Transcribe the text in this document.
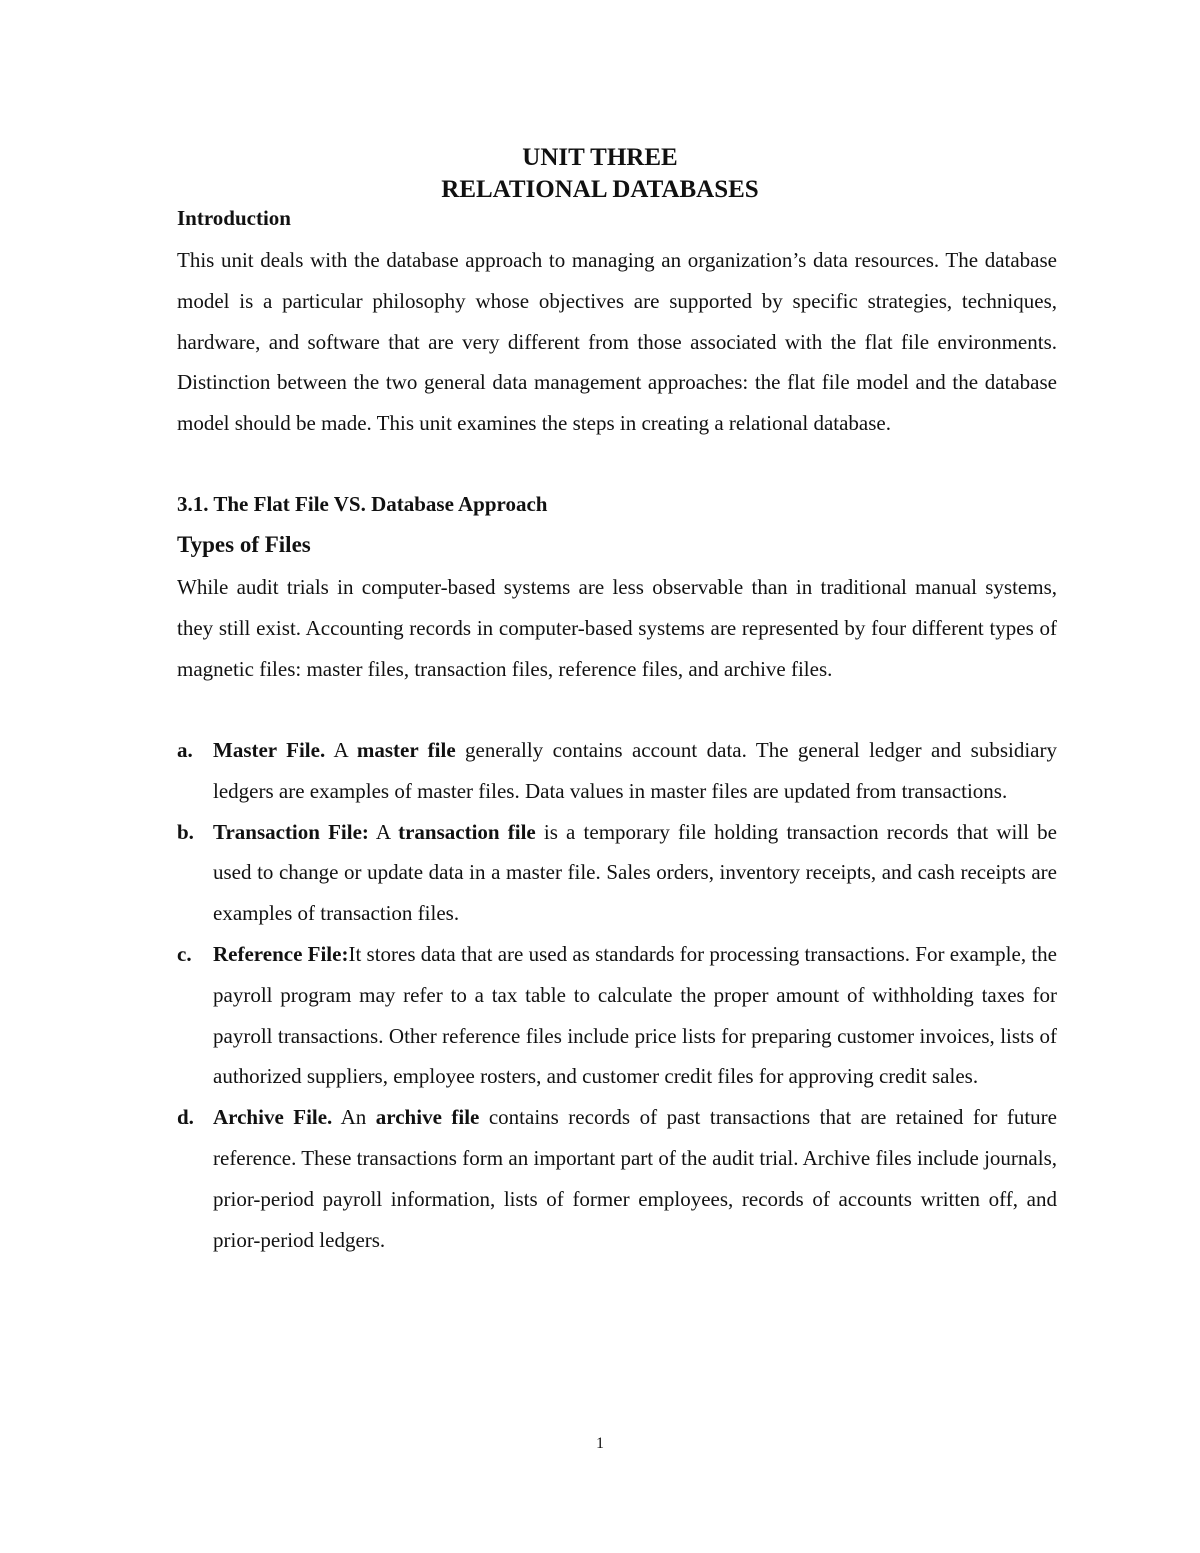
UNIT THREE
RELATIONAL DATABASES

Introduction

This unit deals with the database approach to managing an organization’s data resources. The database model is a particular philosophy whose objectives are supported by specific strategies, techniques, hardware, and software that are very different from those associated with the flat file environments. Distinction between the two general data management approaches: the flat file model and the database model should be made. This unit examines the steps in creating a relational database.

3.1. The Flat File VS. Database Approach

Types of Files

While audit trials in computer-based systems are less observable than in traditional manual systems, they still exist. Accounting records in computer-based systems are represented by four different types of magnetic files: master files, transaction files, reference files, and archive files.

a. Master File. A master file generally contains account data. The general ledger and subsidiary ledgers are examples of master files. Data values in master files are updated from transactions.
b. Transaction File: A transaction file is a temporary file holding transaction records that will be used to change or update data in a master file. Sales orders, inventory receipts, and cash receipts are examples of transaction files.
c. Reference File:It stores data that are used as standards for processing transactions. For example, the payroll program may refer to a tax table to calculate the proper amount of withholding taxes for payroll transactions. Other reference files include price lists for preparing customer invoices, lists of authorized suppliers, employee rosters, and customer credit files for approving credit sales.
d. Archive File. An archive file contains records of past transactions that are retained for future reference. These transactions form an important part of the audit trial. Archive files include journals, prior-period payroll information, lists of former employees, records of accounts written off, and prior-period ledgers.
1
